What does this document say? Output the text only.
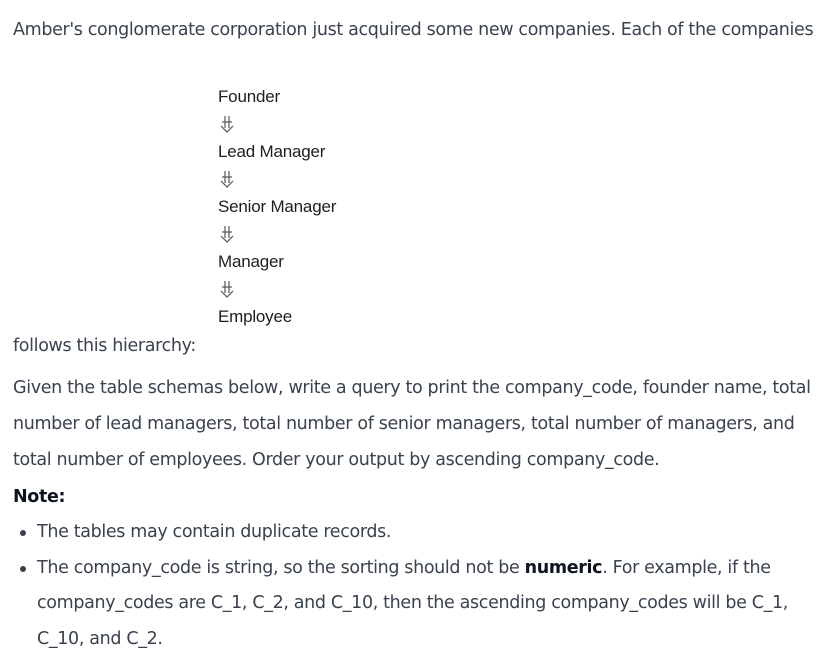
Amber's conglomerate corporation just acquired some new companies. Each of the companies

Founder
Lead Manager
Senior Manager
Manager
Employee

follows this hierarchy:

Given the table schemas below, write a query to print the company_code, founder name, total number of lead managers, total number of senior managers, total number of managers, and total number of employees. Order your output by ascending company_code.

Note:

The tables may contain duplicate records.
The company_code is string, so the sorting should not be numeric. For example, if the company_codes are C_1, C_2, and C_10, then the ascending company_codes will be C_1, C_10, and C_2.
